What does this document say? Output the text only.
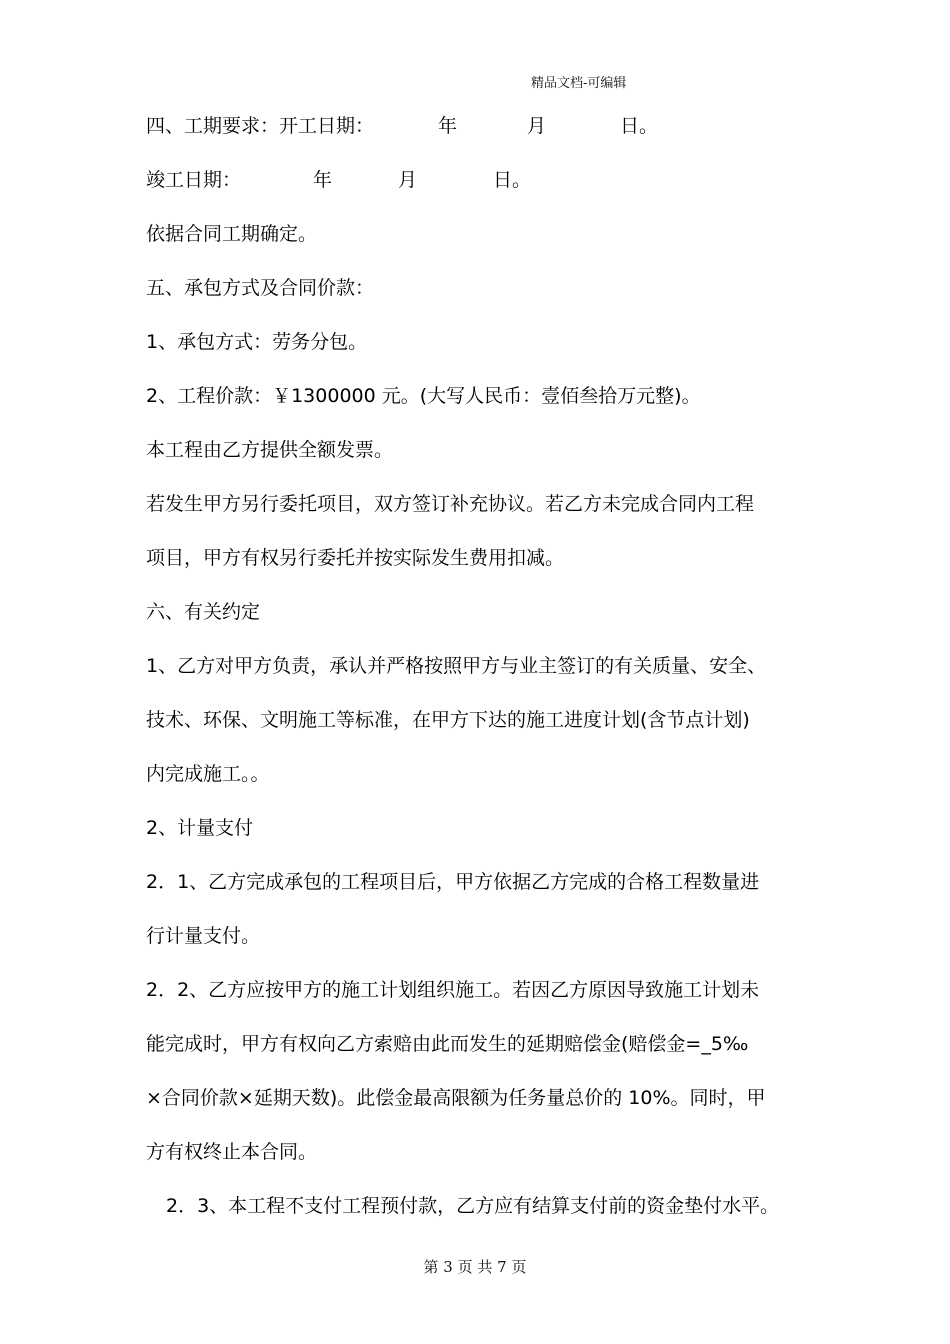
精品文档-可编辑
四、工期要求：开工日期：	年	月	日。
竣工日期：	年	月	日。
依据合同工期确定。
五、承包方式及合同价款：
1、承包方式：劳务分包。
2、工程价款：￥1300000 元。(大写人民币：壹佰叁拾万元整)。
本工程由乙方提供全额发票。
若发生甲方另行委托项目，双方签订补充协议。若乙方未完成合同内工程
项目，甲方有权另行委托并按实际发生费用扣减。
六、有关约定
1、乙方对甲方负责，承认并严格按照甲方与业主签订的有关质量、安全、
技术、环保、文明施工等标准，在甲方下达的施工进度计划(含节点计划)
内完成施工。。
2、计量支付
2．1、乙方完成承包的工程项目后，甲方依据乙方完成的合格工程数量进
行计量支付。
2．2、乙方应按甲方的施工计划组织施工。若因乙方原因导致施工计划未
能完成时，甲方有权向乙方索赔由此而发生的延期赔偿金(赔偿金=_5‰
×合同价款×延期天数)。此偿金最高限额为任务量总价的 10%。同时，甲
方有权终止本合同。
2．3、本工程不支付工程预付款，乙方应有结算支付前的资金垫付水平。
第 3 页 共 7 页
